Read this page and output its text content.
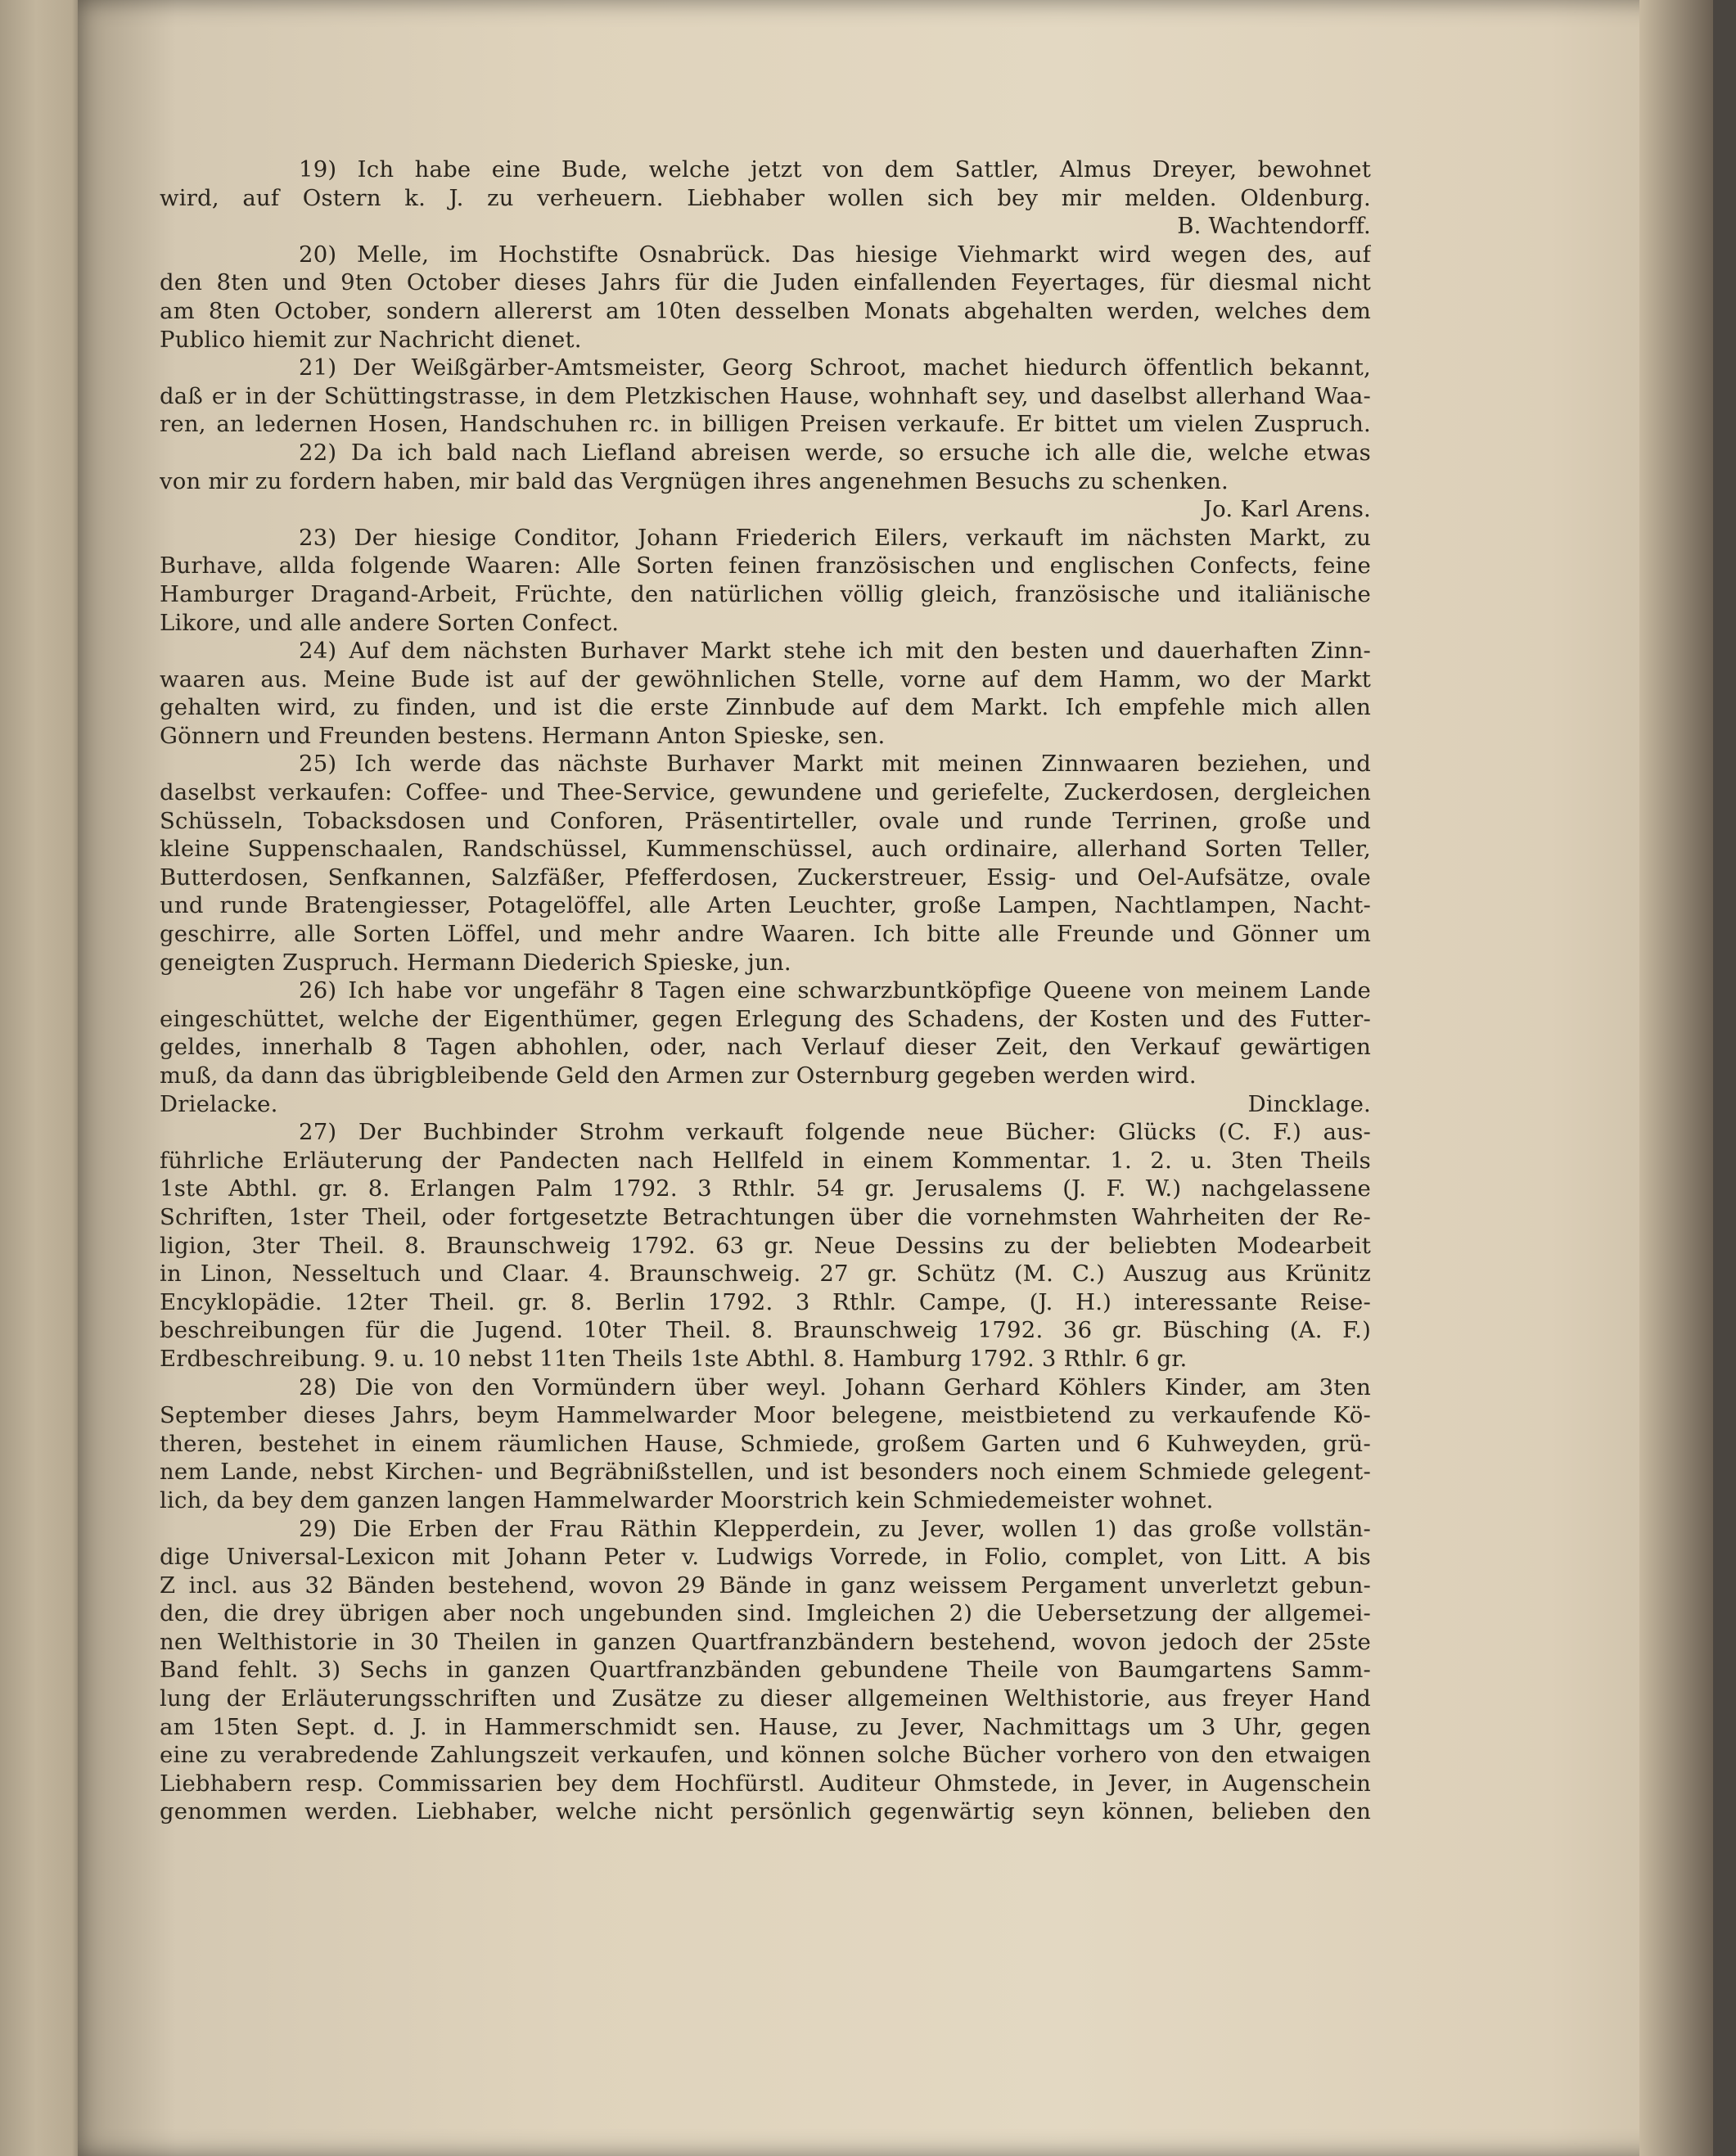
19) Ich habe eine Bude, welche jetzt von dem Sattler, Almus Dreyer, bewohnet
wird, auf Ostern k. J. zu verheuern. Liebhaber wollen sich bey mir melden. Oldenburg.
B. Wachtendorff.
20) Melle, im Hochstifte Osnabrück. Das hiesige Viehmarkt wird wegen des, auf
den 8ten und 9ten October dieses Jahrs für die Juden einfallenden Feyertages, für diesmal nicht
am 8ten October, sondern allererst am 10ten desselben Monats abgehalten werden, welches dem
Publico hiemit zur Nachricht dienet.
21) Der Weißgärber-Amtsmeister, Georg Schroot, machet hiedurch öffentlich bekannt,
daß er in der Schüttingstrasse, in dem Pletzkischen Hause, wohnhaft sey, und daselbst allerhand Waa-
ren, an ledernen Hosen, Handschuhen rc. in billigen Preisen verkaufe. Er bittet um vielen Zuspruch.
22) Da ich bald nach Liefland abreisen werde, so ersuche ich alle die, welche etwas
von mir zu fordern haben, mir bald das Vergnügen ihres angenehmen Besuchs zu schenken.
Jo. Karl Arens.
23) Der hiesige Conditor, Johann Friederich Eilers, verkauft im nächsten Markt, zu
Burhave, allda folgende Waaren: Alle Sorten feinen französischen und englischen Confects, feine
Hamburger Dragand-Arbeit, Früchte, den natürlichen völlig gleich, französische und italiänische
Likore, und alle andere Sorten Confect.
24) Auf dem nächsten Burhaver Markt stehe ich mit den besten und dauerhaften Zinn-
waaren aus. Meine Bude ist auf der gewöhnlichen Stelle, vorne auf dem Hamm, wo der Markt
gehalten wird, zu finden, und ist die erste Zinnbude auf dem Markt. Ich empfehle mich allen
Gönnern und Freunden bestens. Hermann Anton Spieske, sen.
25) Ich werde das nächste Burhaver Markt mit meinen Zinnwaaren beziehen, und
daselbst verkaufen: Coffee- und Thee-Service, gewundene und geriefelte, Zuckerdosen, dergleichen
Schüsseln, Tobacksdosen und Conforen, Präsentirteller, ovale und runde Terrinen, große und
kleine Suppenschaalen, Randschüssel, Kummenschüssel, auch ordinaire, allerhand Sorten Teller,
Butterdosen, Senfkannen, Salzfäßer, Pfefferdosen, Zuckerstreuer, Essig- und Oel-Aufsätze, ovale
und runde Bratengiesser, Potagelöffel, alle Arten Leuchter, große Lampen, Nachtlampen, Nacht-
geschirre, alle Sorten Löffel, und mehr andre Waaren. Ich bitte alle Freunde und Gönner um
geneigten Zuspruch. Hermann Diederich Spieske, jun.
26) Ich habe vor ungefähr 8 Tagen eine schwarzbuntköpfige Queene von meinem Lande
eingeschüttet, welche der Eigenthümer, gegen Erlegung des Schadens, der Kosten und des Futter-
geldes, innerhalb 8 Tagen abhohlen, oder, nach Verlauf dieser Zeit, den Verkauf gewärtigen
muß, da dann das übrigbleibende Geld den Armen zur Osternburg gegeben werden wird.
Drielacke.	Dincklage.
27) Der Buchbinder Strohm verkauft folgende neue Bücher: Glücks (C. F.) aus-
führliche Erläuterung der Pandecten nach Hellfeld in einem Kommentar. 1. 2. u. 3ten Theils
1ste Abthl. gr. 8. Erlangen Palm 1792. 3 Rthlr. 54 gr. Jerusalems (J. F. W.) nachgelassene
Schriften, 1ster Theil, oder fortgesetzte Betrachtungen über die vornehmsten Wahrheiten der Re-
ligion, 3ter Theil. 8. Braunschweig 1792. 63 gr. Neue Dessins zu der beliebten Modearbeit
in Linon, Nesseltuch und Claar. 4. Braunschweig. 27 gr. Schütz (M. C.) Auszug aus Krünitz
Encyklopädie. 12ter Theil. gr. 8. Berlin 1792. 3 Rthlr. Campe, (J. H.) interessante Reise-
beschreibungen für die Jugend. 10ter Theil. 8. Braunschweig 1792. 36 gr. Büsching (A. F.)
Erdbeschreibung. 9. u. 10 nebst 11ten Theils 1ste Abthl. 8. Hamburg 1792. 3 Rthlr. 6 gr.
28) Die von den Vormündern über weyl. Johann Gerhard Köhlers Kinder, am 3ten
September dieses Jahrs, beym Hammelwarder Moor belegene, meistbietend zu verkaufende Kö-
theren, bestehet in einem räumlichen Hause, Schmiede, großem Garten und 6 Kuhweyden, grü-
nem Lande, nebst Kirchen- und Begräbnißstellen, und ist besonders noch einem Schmiede gelegent-
lich, da bey dem ganzen langen Hammelwarder Moorstrich kein Schmiedemeister wohnet.
29) Die Erben der Frau Räthin Klepperdein, zu Jever, wollen 1) das große vollstän-
dige Universal-Lexicon mit Johann Peter v. Ludwigs Vorrede, in Folio, complet, von Litt. A bis
Z incl. aus 32 Bänden bestehend, wovon 29 Bände in ganz weissem Pergament unverletzt gebun-
den, die drey übrigen aber noch ungebunden sind. Imgleichen 2) die Uebersetzung der allgemei-
nen Welthistorie in 30 Theilen in ganzen Quartfranzbändern bestehend, wovon jedoch der 25ste
Band fehlt. 3) Sechs in ganzen Quartfranzbänden gebundene Theile von Baumgartens Samm-
lung der Erläuterungsschriften und Zusätze zu dieser allgemeinen Welthistorie, aus freyer Hand
am 15ten Sept. d. J. in Hammerschmidt sen. Hause, zu Jever, Nachmittags um 3 Uhr, gegen
eine zu verabredende Zahlungszeit verkaufen, und können solche Bücher vorhero von den etwaigen
Liebhabern resp. Commissarien bey dem Hochfürstl. Auditeur Ohmstede, in Jever, in Augenschein
genommen werden. Liebhaber, welche nicht persönlich gegenwärtig seyn können, belieben den
